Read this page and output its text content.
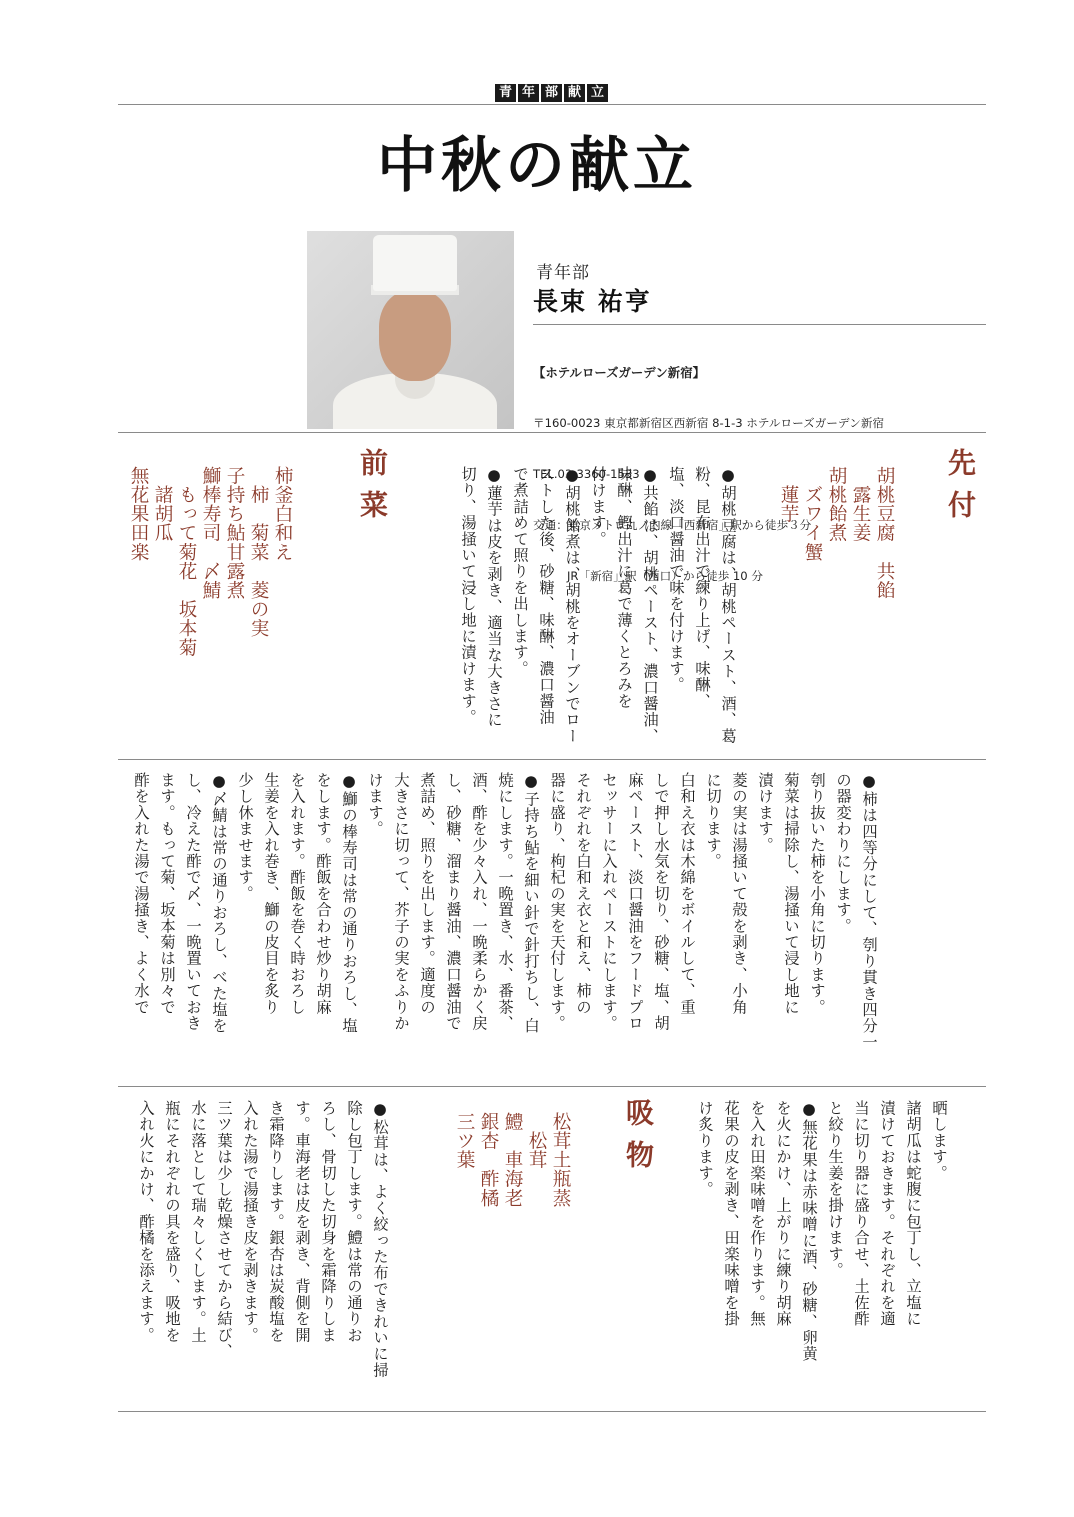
青 年 部 献 立
中秋の献立
青年部
長束 祐亨

【ホテルローズガーデン新宿】

〒160-0023 東京都新宿区西新宿 8-1-3 ホテルローズガーデン新宿

TEL.03-3360-1533

交通：東京メトロ丸ノ内線「西新宿」駅から徒歩３分

JR「新宿」駅（西口）から徒歩 10 分

先付
胡桃豆腐　共餡
　露生姜
胡桃飴煮
　ズワイ蟹
　蓮芋
●胡桃豆腐は、胡桃ペースト、酒、葛
粉、昆布出汁で練り上げ、味醂、
塩、淡口醤油で味を付けます。
●共餡は、胡桃ペースト、濃口醤油、
味醂、鰹出汁に葛で薄くとろみを
付けます。
●胡桃飴煮は、胡桃をオーブンでロー
ストした後、砂糖、味醂、濃口醤油
で煮詰めて照りを出します。
●蓮芋は皮を剥き、適当な大きさに
切り、湯掻いて浸し地に漬けます。
前菜
柿釜白和え
　柿　菊菜　菱の実
子持ち鮎甘露煮
鰤棒寿司　〆鯖
　もって菊花　坂本菊
　諸胡瓜
無花果田楽
●柿は四等分にして、刳り貫き四分一
の器変わりにします。
刳り抜いた柿を小角に切ります。
菊菜は掃除し、湯掻いて浸し地に
漬けます。
菱の実は湯掻いて殻を剥き、小角
に切ります。
白和え衣は木綿をボイルして、重
しで押し水気を切り、砂糖、塩、胡
麻ペースト、淡口醤油をフードプロ
セッサーに入れペーストにします。
それぞれを白和え衣と和え、柿の
器に盛り、枸杞の実を天付します。
●子持ち鮎を細い針で針打ちし、白
焼にします。一晩置き、水、番茶、
酒、酢を少々入れ、一晩柔らかく戻
し、砂糖、溜まり醤油、濃口醤油で
煮詰め、照りを出します。適度の
大きさに切って、芥子の実をふりか
けます。
●鰤の棒寿司は常の通りおろし、塩
をします。酢飯を合わせ炒り胡麻
を入れます。酢飯を巻く時おろし
生姜を入れ巻き、鰤の皮目を炙り
少し休ませます。
●〆鯖は常の通りおろし、べた塩を
し、冷えた酢で〆、一晩置いておき
ます。もって菊、坂本菊は別々で
酢を入れた湯で湯掻き、よく水で
晒します。
諸胡瓜は蛇腹に包丁し、立塩に
漬けておきます。それぞれを適
当に切り器に盛り合せ、土佐酢
と絞り生姜を掛けます。
●無花果は赤味噌に酒、砂糖、卵黄
を火にかけ、上がりに練り胡麻
を入れ田楽味噌を作ります。無
花果の皮を剥き、田楽味噌を掛
け炙ります。
吸物
松茸土瓶蒸
　松茸
鱧　車海老
銀杏　酢橘
三ツ葉
●松茸は、よく絞った布できれいに掃
除し包丁します。鱧は常の通りお
ろし、骨切した切身を霜降りしま
す。車海老は皮を剥き、背側を開
き霜降りします。銀杏は炭酸塩を
入れた湯で湯掻き皮を剥きます。
三ツ葉は少し乾燥させてから結び、
水に落として瑞々しくします。土
瓶にそれぞれの具を盛り、吸地を
入れ火にかけ、酢橘を添えます。
